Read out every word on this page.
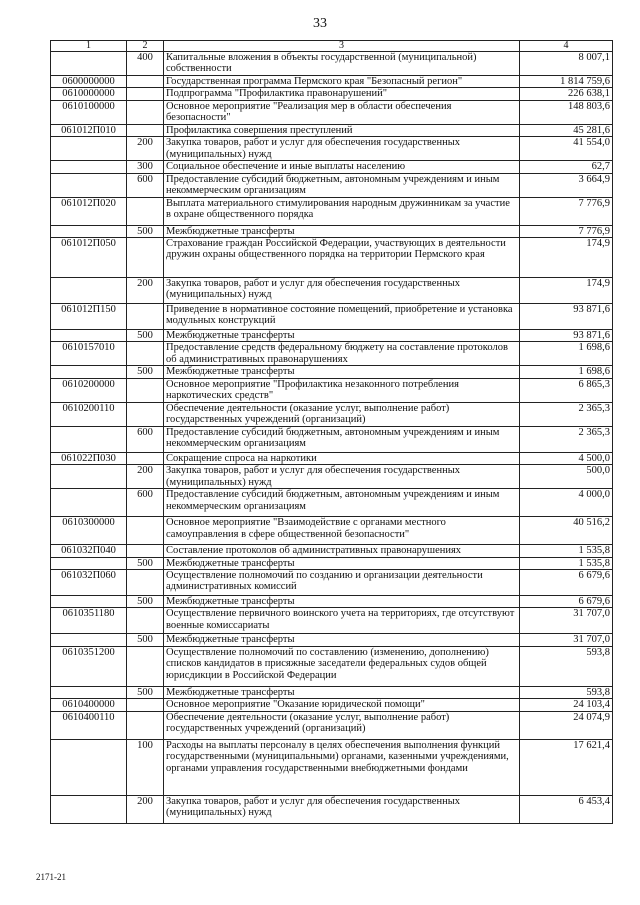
33
1	2	3	4
	400	Капитальные вложения в объекты государственной (муниципальной) собственности	8 007,1
0600000000		Государственная программа Пермского края "Безопасный регион"	1 814 759,6
0610000000		Подпрограмма "Профилактика правонарушений"	226 638,1
0610100000		Основное мероприятие "Реализация мер в области обеспечения безопасности"	148 803,6
061012П010		Профилактика совершения преступлений	45 281,6
	200	Закупка товаров, работ и услуг для обеспечения государственных (муниципальных) нужд	41 554,0
	300	Социальное обеспечение и иные выплаты населению	62,7
	600	Предоставление субсидий бюджетным, автономным учреждениям и иным некоммерческим организациям	3 664,9
061012П020		Выплата материального стимулирования народным дружинникам за участие в охране общественного порядка	7 776,9
	500	Межбюджетные трансферты	7 776,9
061012П050		Страхование граждан Российской Федерации, участвующих в деятельности дружин охраны общественного порядка на территории Пермского края	174,9
	200	Закупка товаров, работ и услуг для обеспечения государственных (муниципальных) нужд	174,9
061012П150		Приведение в нормативное состояние помещений, приобретение и установка модульных конструкций	93 871,6
	500	Межбюджетные трансферты	93 871,6
0610157010		Предоставление средств федеральному бюджету на составление протоколов об административных правонарушениях	1 698,6
	500	Межбюджетные трансферты	1 698,6
0610200000		Основное мероприятие "Профилактика незаконного потребления наркотических средств"	6 865,3
0610200110		Обеспечение деятельности (оказание услуг, выполнение работ) государственных учреждений (организаций)	2 365,3
	600	Предоставление субсидий бюджетным, автономным учреждениям и иным некоммерческим организациям	2 365,3
061022П030		Сокращение спроса на наркотики	4 500,0
	200	Закупка товаров, работ и услуг для обеспечения государственных (муниципальных) нужд	500,0
	600	Предоставление субсидий бюджетным, автономным учреждениям и иным некоммерческим организациям	4 000,0
0610300000		Основное мероприятие "Взаимодействие с органами местного самоуправления в сфере общественной безопасности"	40 516,2
061032П040		Составление протоколов об административных правонарушениях	1 535,8
	500	Межбюджетные трансферты	1 535,8
061032П060		Осуществление полномочий по созданию и организации деятельности административных комиссий	6 679,6
	500	Межбюджетные трансферты	6 679,6
0610351180		Осуществление первичного воинского учета на территориях, где отсутствуют военные комиссариаты	31 707,0
	500	Межбюджетные трансферты	31 707,0
0610351200		Осуществление полномочий по составлению (изменению, дополнению) списков кандидатов в присяжные заседатели федеральных судов общей юрисдикции в Российской Федерации	593,8
	500	Межбюджетные трансферты	593,8
0610400000		Основное мероприятие "Оказание юридической помощи"	24 103,4
0610400110		Обеспечение деятельности (оказание услуг, выполнение работ) государственных учреждений (организаций)	24 074,9
	100	Расходы на выплаты персоналу в целях обеспечения выполнения функций государственными (муниципальными) органами, казенными учреждениями, органами управления государственными внебюджетными фондами	17 621,4
	200	Закупка товаров, работ и услуг для обеспечения государственных (муниципальных) нужд	6 453,4
2171-21
